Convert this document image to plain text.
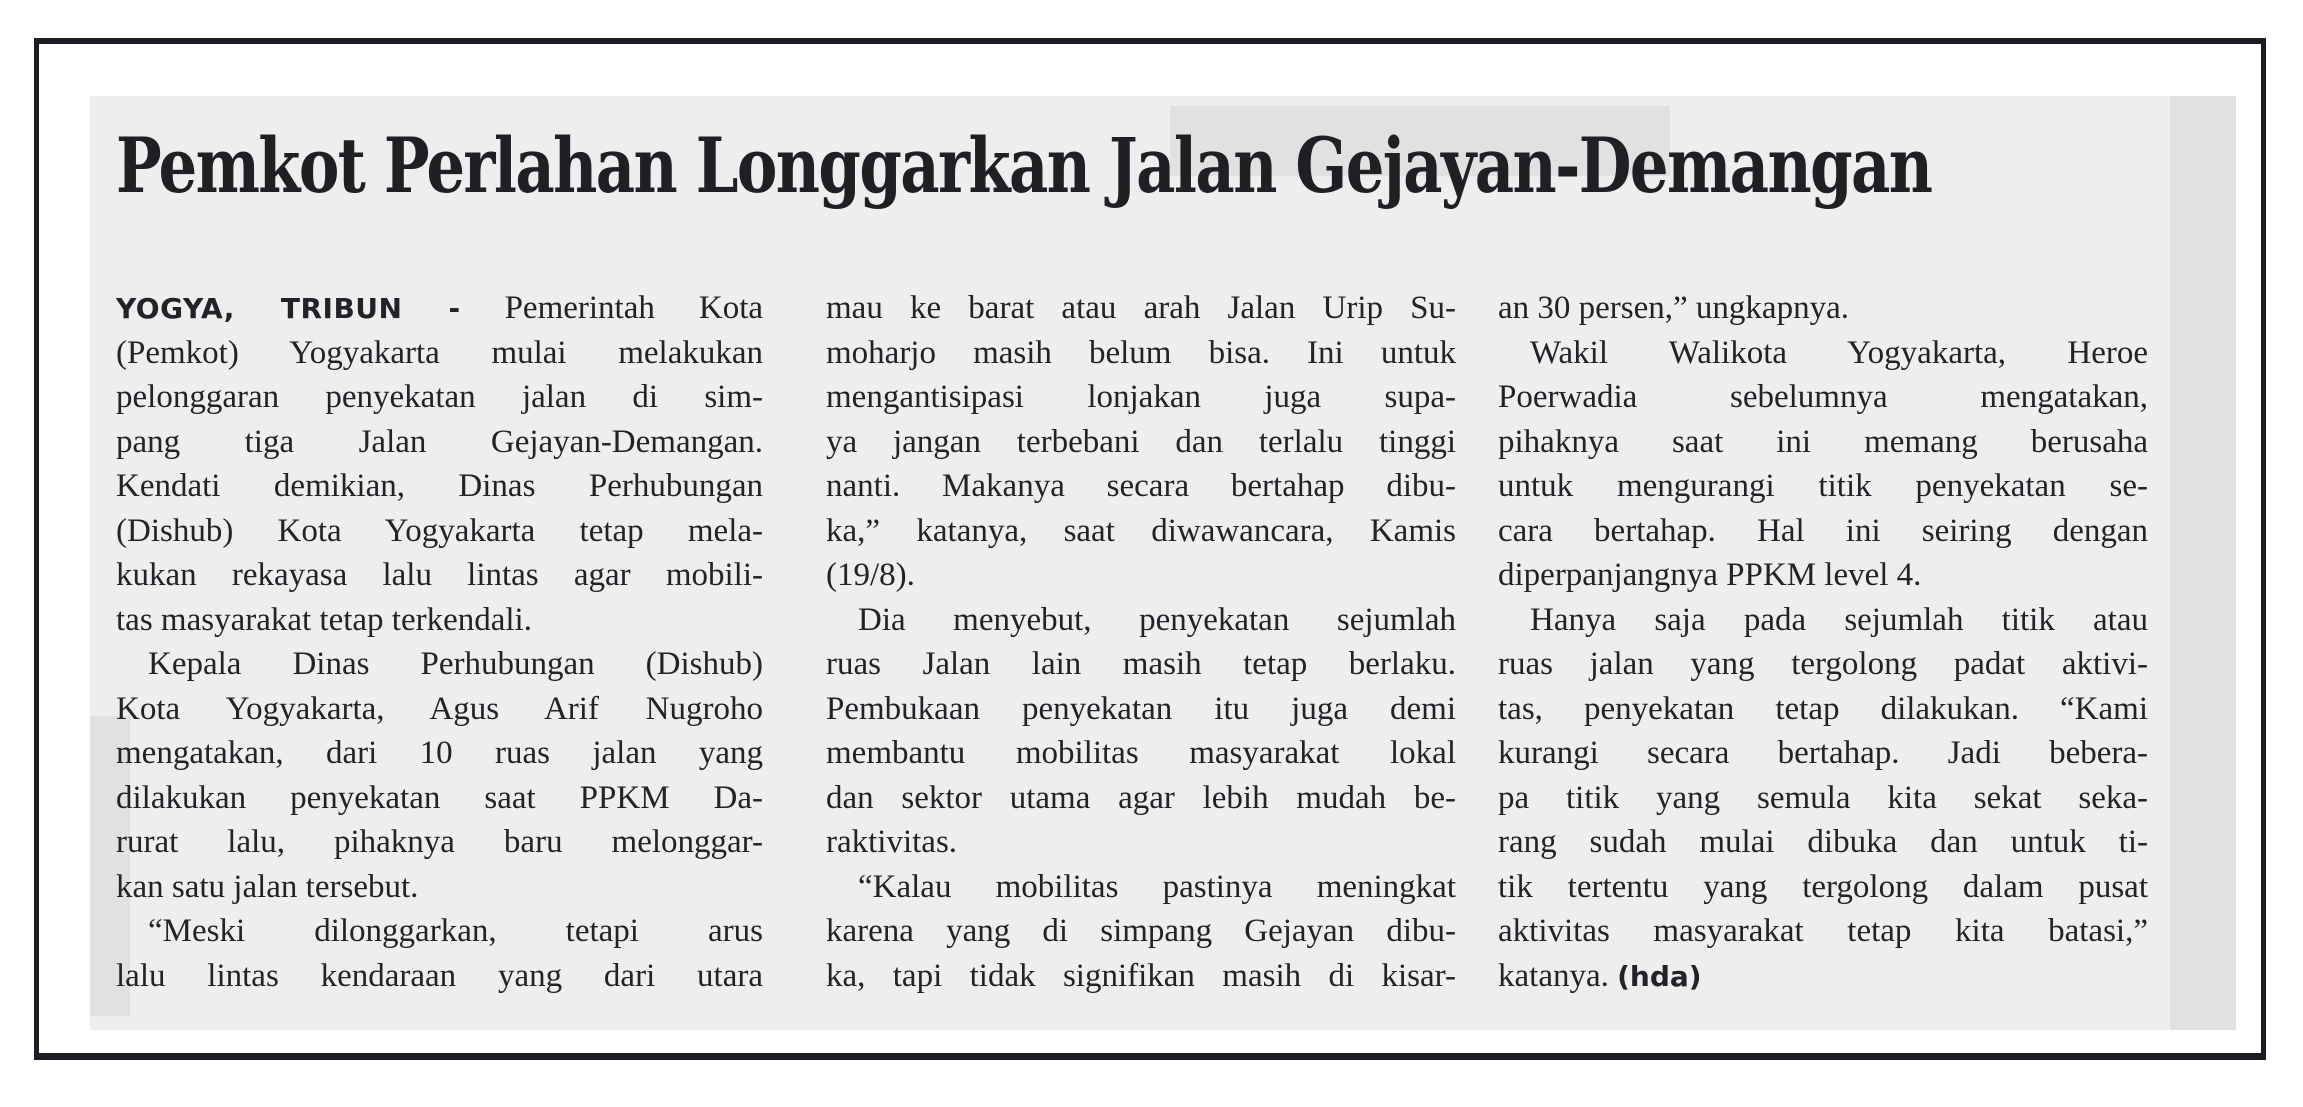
Pemkot Perlahan Longgarkan Jalan Gejayan-Demangan
YOGYA, TRIBUN - Pemerintah Kota
(Pemkot) Yogyakarta mulai melakukan
pelonggaran penyekatan jalan di sim-
pang tiga Jalan Gejayan-Demangan.
Kendati demikian, Dinas Perhubungan
(Dishub) Kota Yogyakarta tetap mela-
kukan rekayasa lalu lintas agar mobili-
tas masyarakat tetap terkendali.
Kepala Dinas Perhubungan (Dishub)
Kota Yogyakarta, Agus Arif Nugroho
mengatakan, dari 10 ruas jalan yang
dilakukan penyekatan saat PPKM Da-
rurat lalu, pihaknya baru melonggar-
kan satu jalan tersebut.
“Meski dilonggarkan, tetapi arus
lalu lintas kendaraan yang dari utara
mau ke barat atau arah Jalan Urip Su-
moharjo masih belum bisa. Ini untuk
mengantisipasi lonjakan juga supa-
ya jangan terbebani dan terlalu tinggi
nanti. Makanya secara bertahap dibu-
ka,” katanya, saat diwawancara, Kamis
(19/8).
Dia menyebut, penyekatan sejumlah
ruas Jalan lain masih tetap berlaku.
Pembukaan penyekatan itu juga demi
membantu mobilitas masyarakat lokal
dan sektor utama agar lebih mudah be-
raktivitas.
“Kalau mobilitas pastinya meningkat
karena yang di simpang Gejayan dibu-
ka, tapi tidak signifikan masih di kisar-
an 30 persen,” ungkapnya.
Wakil Walikota Yogyakarta, Heroe
Poerwadia sebelumnya mengatakan,
pihaknya saat ini memang berusaha
untuk mengurangi titik penyekatan se-
cara bertahap. Hal ini seiring dengan
diperpanjangnya PPKM level 4.
Hanya saja pada sejumlah titik atau
ruas jalan yang tergolong padat aktivi-
tas, penyekatan tetap dilakukan. “Kami
kurangi secara bertahap. Jadi bebera-
pa titik yang semula kita sekat seka-
rang sudah mulai dibuka dan untuk ti-
tik tertentu yang tergolong dalam pusat
aktivitas masyarakat tetap kita batasi,”
katanya. (hda)
